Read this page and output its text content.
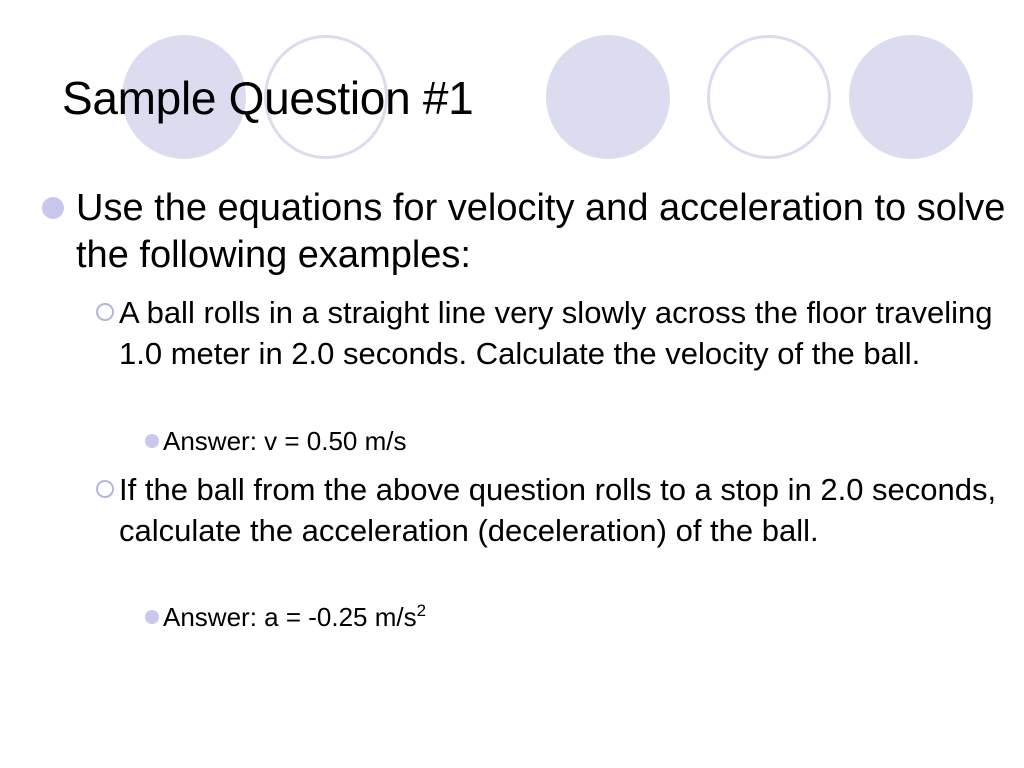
Sample Question #1
Use the equations for velocity and acceleration to solve the following examples:
A ball rolls in a straight line very slowly across the floor traveling 1.0 meter in 2.0 seconds. Calculate the velocity of the ball.
Answer: v = 0.50 m/s
If the ball from the above question rolls to a stop in 2.0 seconds, calculate the acceleration (deceleration) of the ball.
Answer: a = -0.25 $m/s^2$
